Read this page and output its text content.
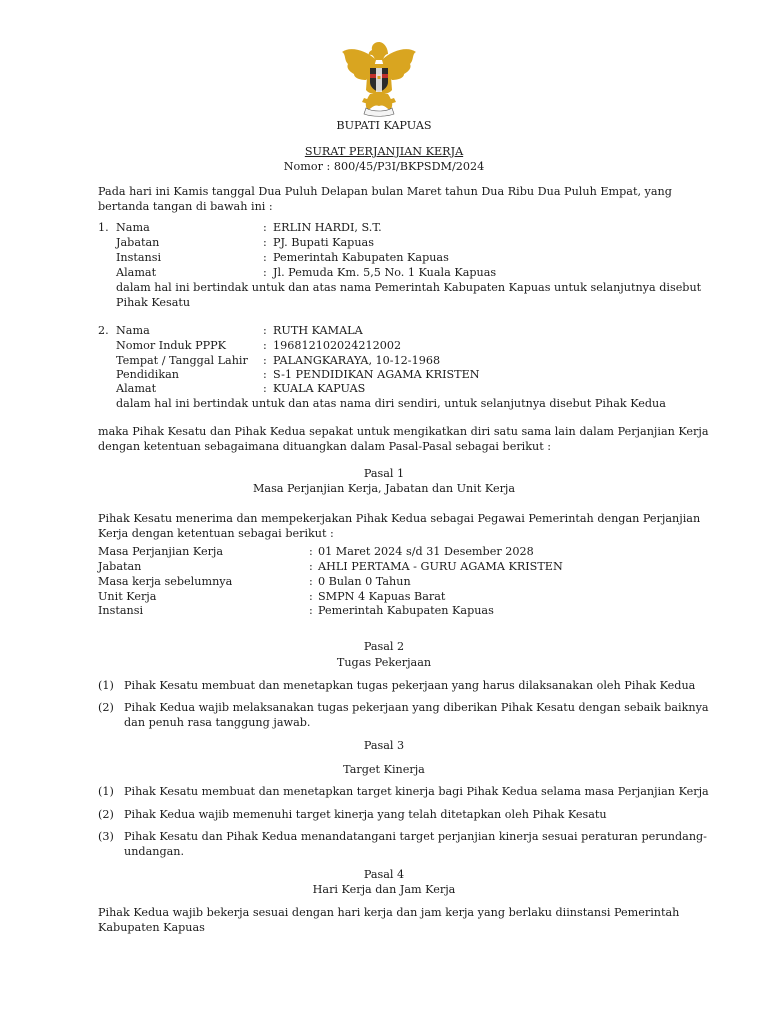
BUPATI KAPUAS
SURAT PERJANJIAN KERJA
Nomor : 800/45/P3I/BKPSDM/2024
Pada hari ini Kamis tanggal Dua Puluh Delapan bulan Maret tahun Dua Ribu Dua Puluh Empat, yang
bertanda tangan di bawah ini :
1. Nama	: ERLIN HARDI, S.T.
Jabatan	: PJ. Bupati Kapuas
Instansi	: Pemerintah Kabupaten Kapuas
Alamat	: Jl. Pemuda Km. 5,5 No. 1 Kuala Kapuas
dalam hal ini bertindak untuk dan atas nama Pemerintah Kabupaten Kapuas untuk selanjutnya disebut
Pihak Kesatu
2. Nama	: RUTH KAMALA
Nomor Induk PPPK	: 196812102024212002
Tempat / Tanggal Lahir : PALANGKARAYA, 10-12-1968
Pendidikan	: S-1 PENDIDIKAN AGAMA KRISTEN
Alamat	: KUALA KAPUAS
dalam hal ini bertindak untuk dan atas nama diri sendiri, untuk selanjutnya disebut Pihak Kedua
maka Pihak Kesatu dan Pihak Kedua sepakat untuk mengikatkan diri satu sama lain dalam Perjanjian Kerja
dengan ketentuan sebagaimana dituangkan dalam Pasal-Pasal sebagai berikut :
Pasal 1
Masa Perjanjian Kerja, Jabatan dan Unit Kerja
Pihak Kesatu menerima dan mempekerjakan Pihak Kedua sebagai Pegawai Pemerintah dengan Perjanjian
Kerja dengan ketentuan sebagai berikut :
Masa Perjanjian Kerja	: 01 Maret 2024 s/d 31 Desember 2028
Jabatan	: AHLI PERTAMA - GURU AGAMA KRISTEN
Masa kerja sebelumnya	: 0 Bulan 0 Tahun
Unit Kerja	: SMPN 4 Kapuas Barat
Instansi	: Pemerintah Kabupaten Kapuas
Pasal 2
Tugas Pekerjaan
(1) Pihak Kesatu membuat dan menetapkan tugas pekerjaan yang harus dilaksanakan oleh Pihak Kedua
(2) Pihak Kedua wajib melaksanakan tugas pekerjaan yang diberikan Pihak Kesatu dengan sebaik baiknya
dan penuh rasa tanggung jawab.
Pasal 3
Target Kinerja
(1) Pihak Kesatu membuat dan menetapkan target kinerja bagi Pihak Kedua selama masa Perjanjian Kerja
(2) Pihak Kedua wajib memenuhi target kinerja yang telah ditetapkan oleh Pihak Kesatu
(3) Pihak Kesatu dan Pihak Kedua menandatangani target perjanjian kinerja sesuai peraturan perundang-
undangan.
Pasal 4
Hari Kerja dan Jam Kerja
Pihak Kedua wajib bekerja sesuai dengan hari kerja dan jam kerja yang berlaku diinstansi Pemerintah
Kabupaten Kapuas
